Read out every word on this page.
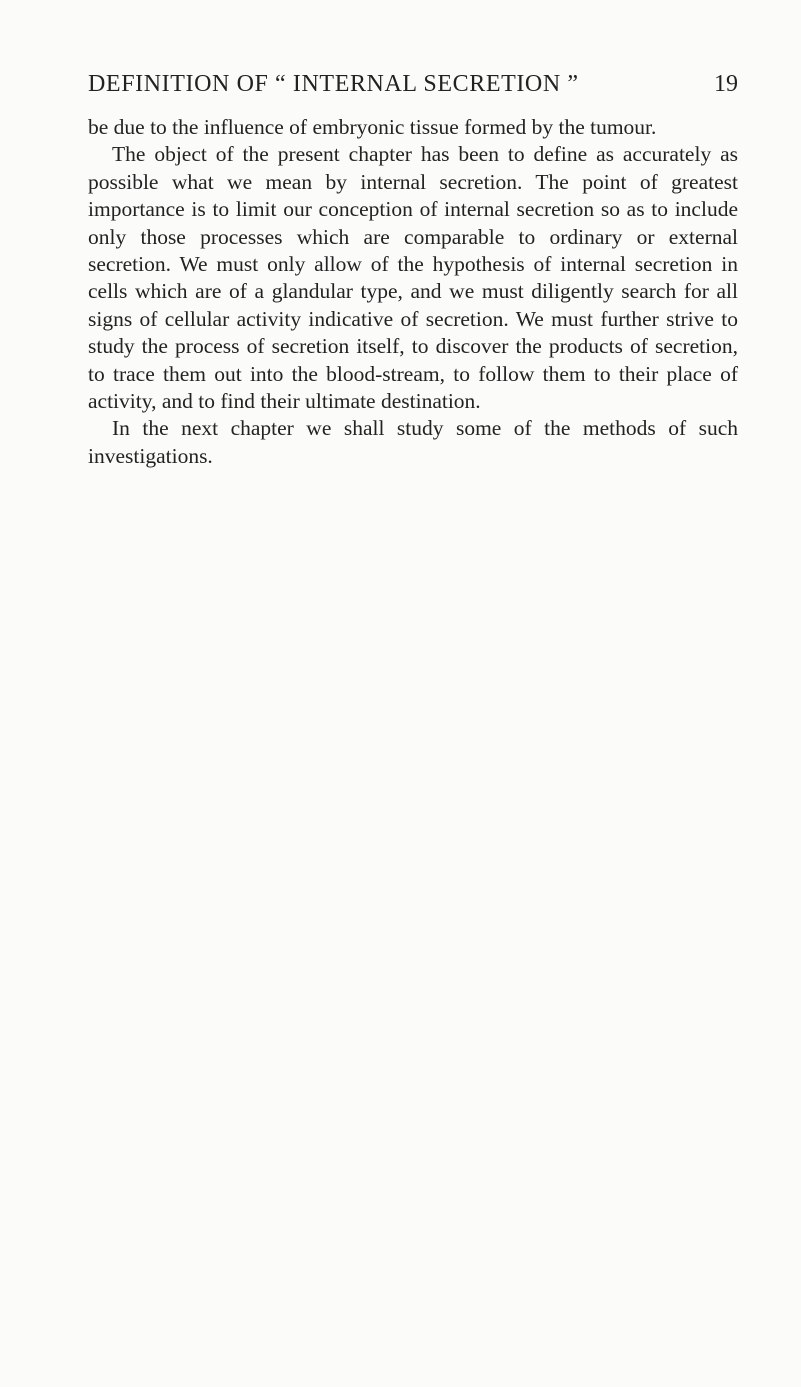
DEFINITION OF “ INTERNAL SECRETION ”	19

be due to the influence of embryonic tissue formed by the tumour.

The object of the present chapter has been to define as accurately as possible what we mean by internal secretion. The point of greatest importance is to limit our conception of internal secretion so as to include only those processes which are comparable to ordinary or external secretion. We must only allow of the hypothesis of internal secretion in cells which are of a glandular type, and we must diligently search for all signs of cellular activity indicative of secretion. We must further strive to study the process of secretion itself, to discover the products of secretion, to trace them out into the blood-stream, to follow them to their place of activity, and to find their ultimate destination.

In the next chapter we shall study some of the methods of such investigations.
